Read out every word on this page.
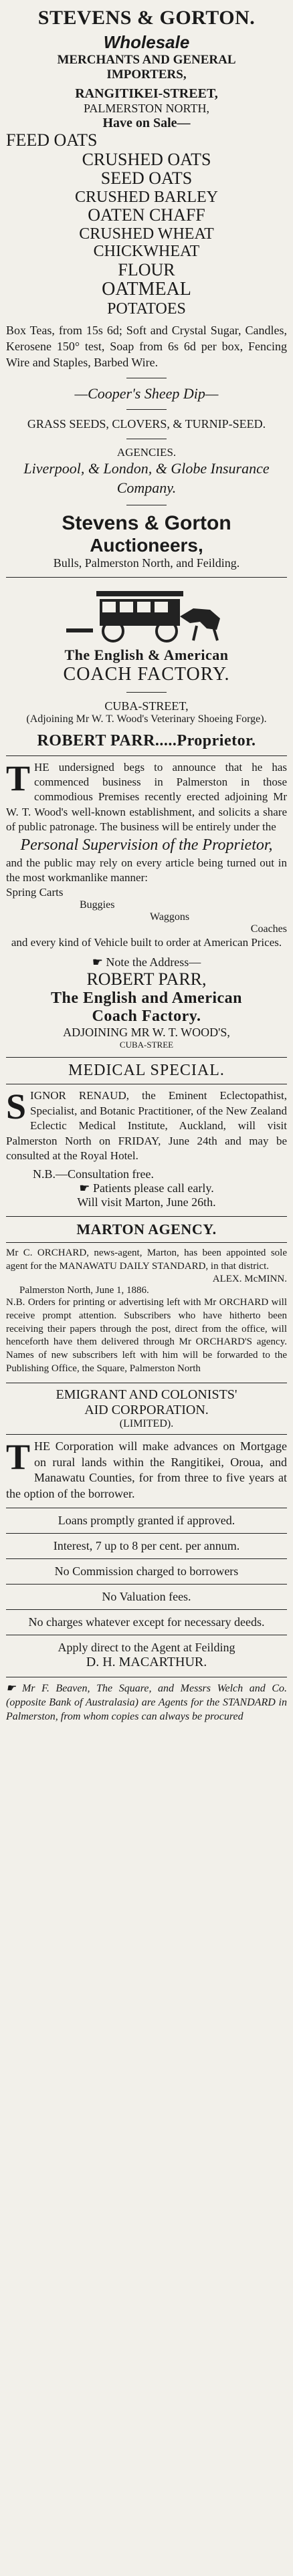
STEVENS & GORTON.
Wholesale
MERCHANTS AND GENERAL
IMPORTERS,
RANGITIKEI-STREET,
PALMERSTON NORTH,
Have on Sale—
FEED OATS
CRUSHED OATS
SEED OATS
CRUSHED BARLEY
OATEN CHAFF
CRUSHED WHEAT
CHICKWHEAT
FLOUR
OATMEAL
POTATOES

Box Teas, from 15s 6d; Soft and Crystal Sugar, Candles, Kerosene 150° test, Soap from 6s 6d per box, Fencing Wire and Staples, Barbed Wire.

—Cooper's Sheep Dip—

GRASS SEEDS, CLOVERS, & TURNIP-SEED.

AGENCIES.
Liverpool, & London, & Globe Insurance Company.
Stevens & Gorton
Auctioneers,
Bulls, Palmerston North, and Feilding.
The English & American
COACH FACTORY.
CUBA-STREET,
(Adjoining Mr W. T. Wood's Veterinary Shoeing Forge).
ROBERT PARR.....Proprietor.
T HE undersigned begs to announce that he has commenced business in Palmerston in those commodious Premises recently erected adjoining Mr W. T. Wood's well-known establishment, and solicits a share of public patronage. The business will be entirely under the
Personal Supervision of the Proprietor,

and the public may rely on every article being turned out in the most workmanlike manner:

Spring Carts
Buggies
Waggons
Coaches

and every kind of Vehicle built to order at American Prices.

☛ Note the Address—
ROBERT PARR,
The English and American
Coach Factory.
ADJOINING MR W. T. WOOD'S,
CUBA-STREE
MEDICAL SPECIAL.
S IGNOR RENAUD, the Eminent Eclectopathist, Specialist, and Botanic Practitioner, of the New Zealand Eclectic Medical Institute, Auckland, will visit Palmerston North on FRIDAY, June 24th and may be consulted at the Royal Hotel.
N.B.—Consultation free.
☛ Patients please call early.
Will visit Marton, June 26th.
MARTON AGENCY.

Mr C. ORCHARD, news-agent, Marton, has been appointed sole agent for the MANAWATU DAILY STANDARD, in that district.

ALEX. McMINN.
Palmerston North, June 1, 1886.

N.B. Orders for printing or advertising left with Mr ORCHARD will receive prompt attention. Subscribers who have hitherto been receiving their papers through the post, direct from the office, will henceforth have them delivered through Mr ORCHARD'S agency. Names of new subscribers left with him will be forwarded to the Publishing Office, the Square, Palmerston North

EMIGRANT AND COLONISTS'
AID CORPORATION.
(LIMITED).
T HE Corporation will make advances on Mortgage on rural lands within the Rangitikei, Oroua, and Manawatu Counties, for from three to five years at the option of the borrower.
Loans promptly granted if approved.
Interest, 7 up to 8 per cent. per annum.
No Commission charged to borrowers
No Valuation fees.
No charges whatever except for necessary deeds.
Apply direct to the Agent at Feilding
D. H. MACARTHUR.

☛ Mr F. Beaven, The Square, and Messrs Welch and Co. (opposite Bank of Australasia) are Agents for the STANDARD in Palmerston, from whom copies can always be procured
